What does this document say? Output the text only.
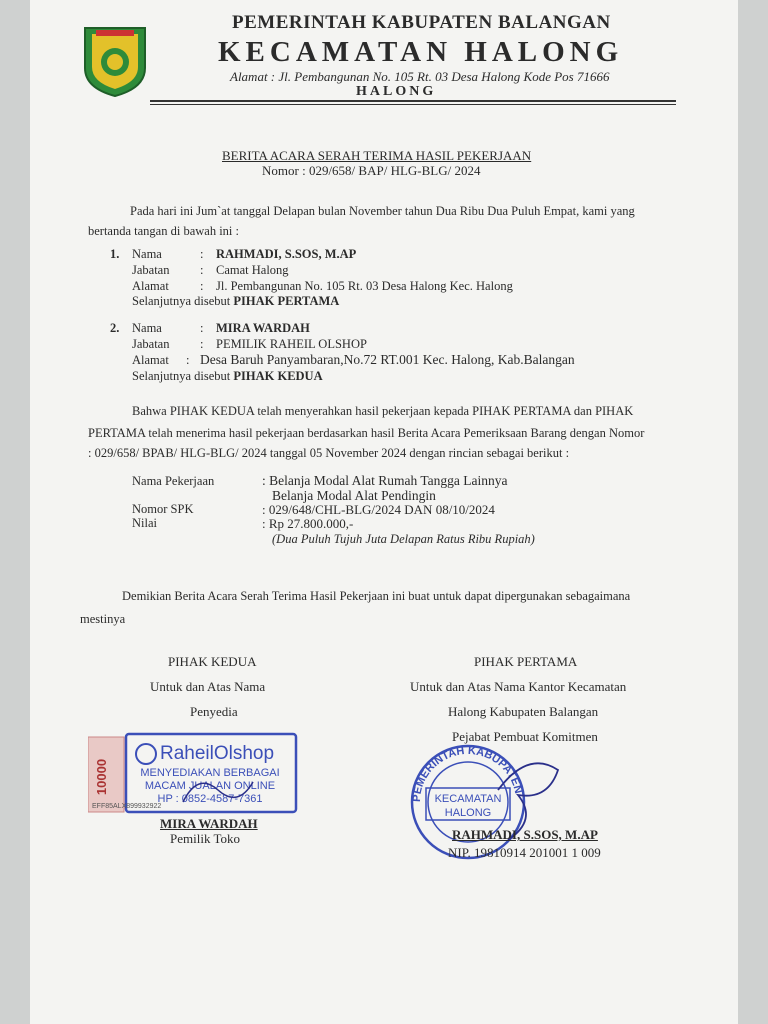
PEMERINTAH KABUPATEN BALANGAN
KECAMATAN HALONG
Alamat : Jl. Pembangunan No. 105 Rt. 03 Desa Halong Kode Pos 71666
HALONG
BERITA ACARA SERAH TERIMA HASIL PEKERJAAN
Nomor : 029/658/ BAP/ HLG-BLG/ 2024
Pada hari ini Jum`at tanggal Delapan bulan November tahun Dua Ribu Dua Puluh Empat, kami yang
bertanda tangan di bawah ini :
1. Nama	: RAHMADI, S.SOS, M.AP
Jabatan : Camat Halong
Alamat : Jl. Pembangunan No. 105 Rt. 03 Desa Halong Kec. Halong
Selanjutnya disebut PIHAK PERTAMA
2. Nama	: MIRA WARDAH
Jabatan : PEMILIK RAHEIL OLSHOP
Alamat : Desa Baruh Panyambaran,No.72 RT.001 Kec. Halong, Kab.Balangan
Selanjutnya disebut PIHAK KEDUA
Bahwa PIHAK KEDUA telah menyerahkan hasil pekerjaan kepada PIHAK PERTAMA dan PIHAK
PERTAMA telah menerima hasil pekerjaan berdasarkan hasil Berita Acara Pemeriksaan Barang dengan Nomor
: 029/658/ BPAB/ HLG-BLG/ 2024 tanggal 05 November 2024 dengan rincian sebagai berikut :
Nama Pekerjaan	: Belanja Modal Alat Rumah Tangga Lainnya
Belanja Modal Alat Pendingin
Nomor SPK	: 029/648/CHL-BLG/2024 DAN 08/10/2024
Nilai	: Rp 27.800.000,-
(Dua Puluh Tujuh Juta Delapan Ratus Ribu Rupiah)
Demikian Berita Acara Serah Terima Hasil Pekerjaan ini buat untuk dapat dipergunakan sebagaimana
mestinya
PIHAK KEDUA
Untuk dan Atas Nama
Penyedia
PIHAK PERTAMA
Untuk dan Atas Nama Kantor Kecamatan
Halong Kabupaten Balangan
Pejabat Pembuat Komitmen
10000
RaheilOlshop
MENYEDIAKAN BERBAGAI
MACAM JUALAN ONLINE
HP : 0852-4587-7361
EFF85ALX899932922
MIRA WARDAH
Pemilik Toko
PEMERINTAH KABUPATEN
KECAMATAN
HALONG
RAHMADI, S.SOS, M.AP
NIP. 19810914 201001 1 009
